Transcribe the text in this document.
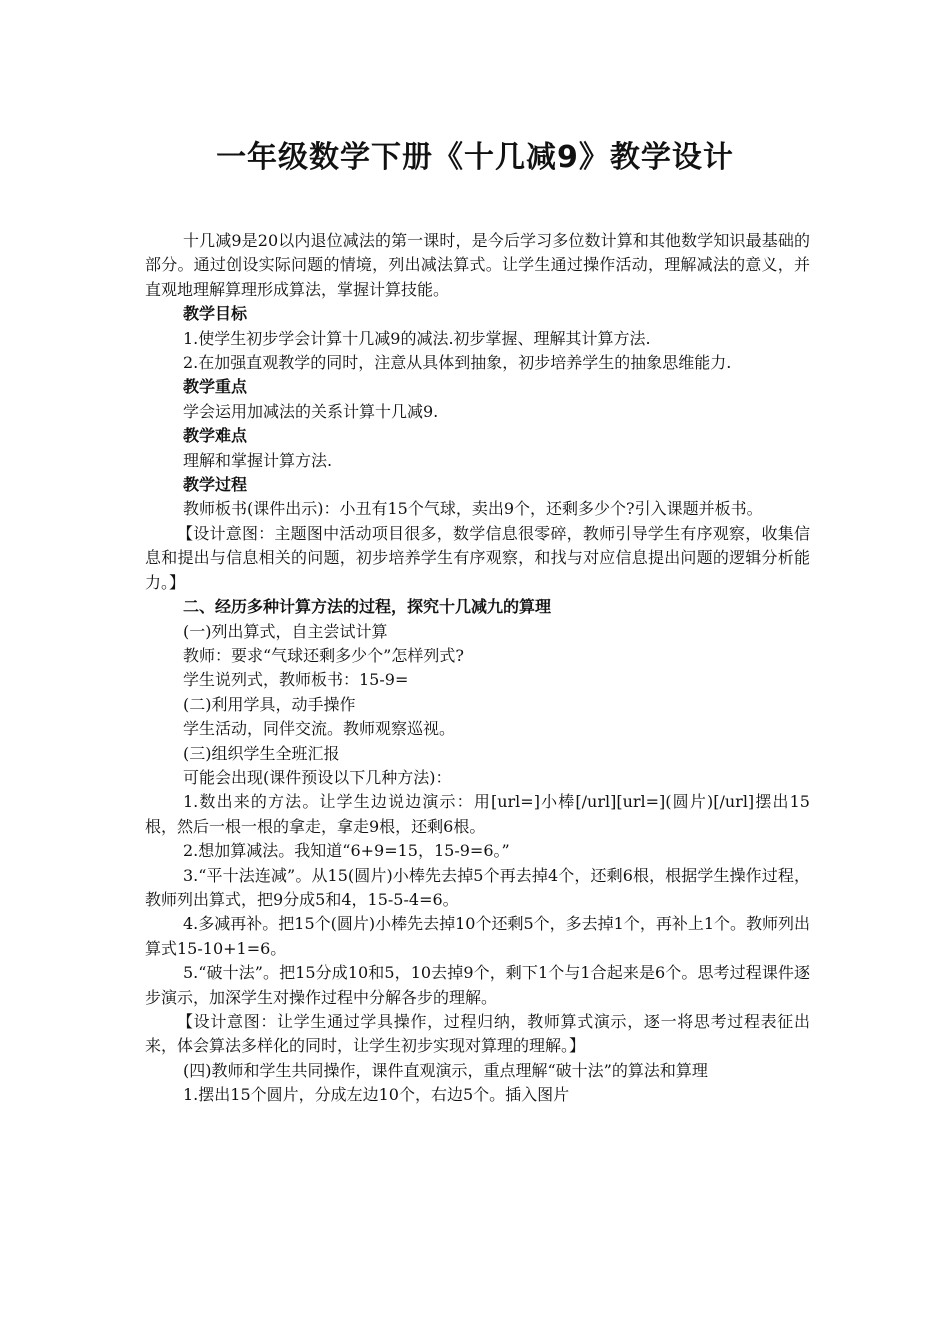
一年级数学下册《十几减9》教学设计

十几减9是20以内退位减法的第一课时，是今后学习多位数计算和其他数学知识最基础的部分。通过创设实际问题的情境，列出减法算式。让学生通过操作活动，理解减法的意义，并直观地理解算理形成算法，掌握计算技能。

教学目标

1.使学生初步学会计算十几减9的减法.初步掌握、理解其计算方法.

2.在加强直观教学的同时，注意从具体到抽象，初步培养学生的抽象思维能力.

教学重点

学会运用加减法的关系计算十几减9.

教学难点

理解和掌握计算方法.

教学过程

教师板书(课件出示)：小丑有15个气球，卖出9个，还剩多少个?引入课题并板书。

【设计意图：主题图中活动项目很多，数学信息很零碎，教师引导学生有序观察，收集信息和提出与信息相关的问题，初步培养学生有序观察，和找与对应信息提出问题的逻辑分析能力。】

二、经历多种计算方法的过程，探究十几减九的算理

(一)列出算式，自主尝试计算

教师：要求“气球还剩多少个”怎样列式?

学生说列式，教师板书：15-9=

(二)利用学具，动手操作

学生活动，同伴交流。教师观察巡视。

(三)组织学生全班汇报

可能会出现(课件预设以下几种方法)：

1.数出来的方法。让学生边说边演示：用[url=]小棒[/url][url=](圆片)[/url]摆出15根，然后一根一根的拿走，拿走9根，还剩6根。

2.想加算减法。我知道“6+9=15，15-9=6。”

3.“平十法连减”。从15(圆片)小棒先去掉5个再去掉4个，还剩6根，根据学生操作过程，教师列出算式，把9分成5和4，15-5-4=6。

4.多减再补。把15个(圆片)小棒先去掉10个还剩5个，多去掉1个，再补上1个。教师列出算式15-10+1=6。

5.“破十法”。把15分成10和5，10去掉9个，剩下1个与1合起来是6个。思考过程课件逐步演示，加深学生对操作过程中分解各步的理解。

【设计意图：让学生通过学具操作，过程归纳，教师算式演示，逐一将思考过程表征出来，体会算法多样化的同时，让学生初步实现对算理的理解。】

(四)教师和学生共同操作，课件直观演示，重点理解“破十法”的算法和算理

1.摆出15个圆片，分成左边10个，右边5个。插入图片
